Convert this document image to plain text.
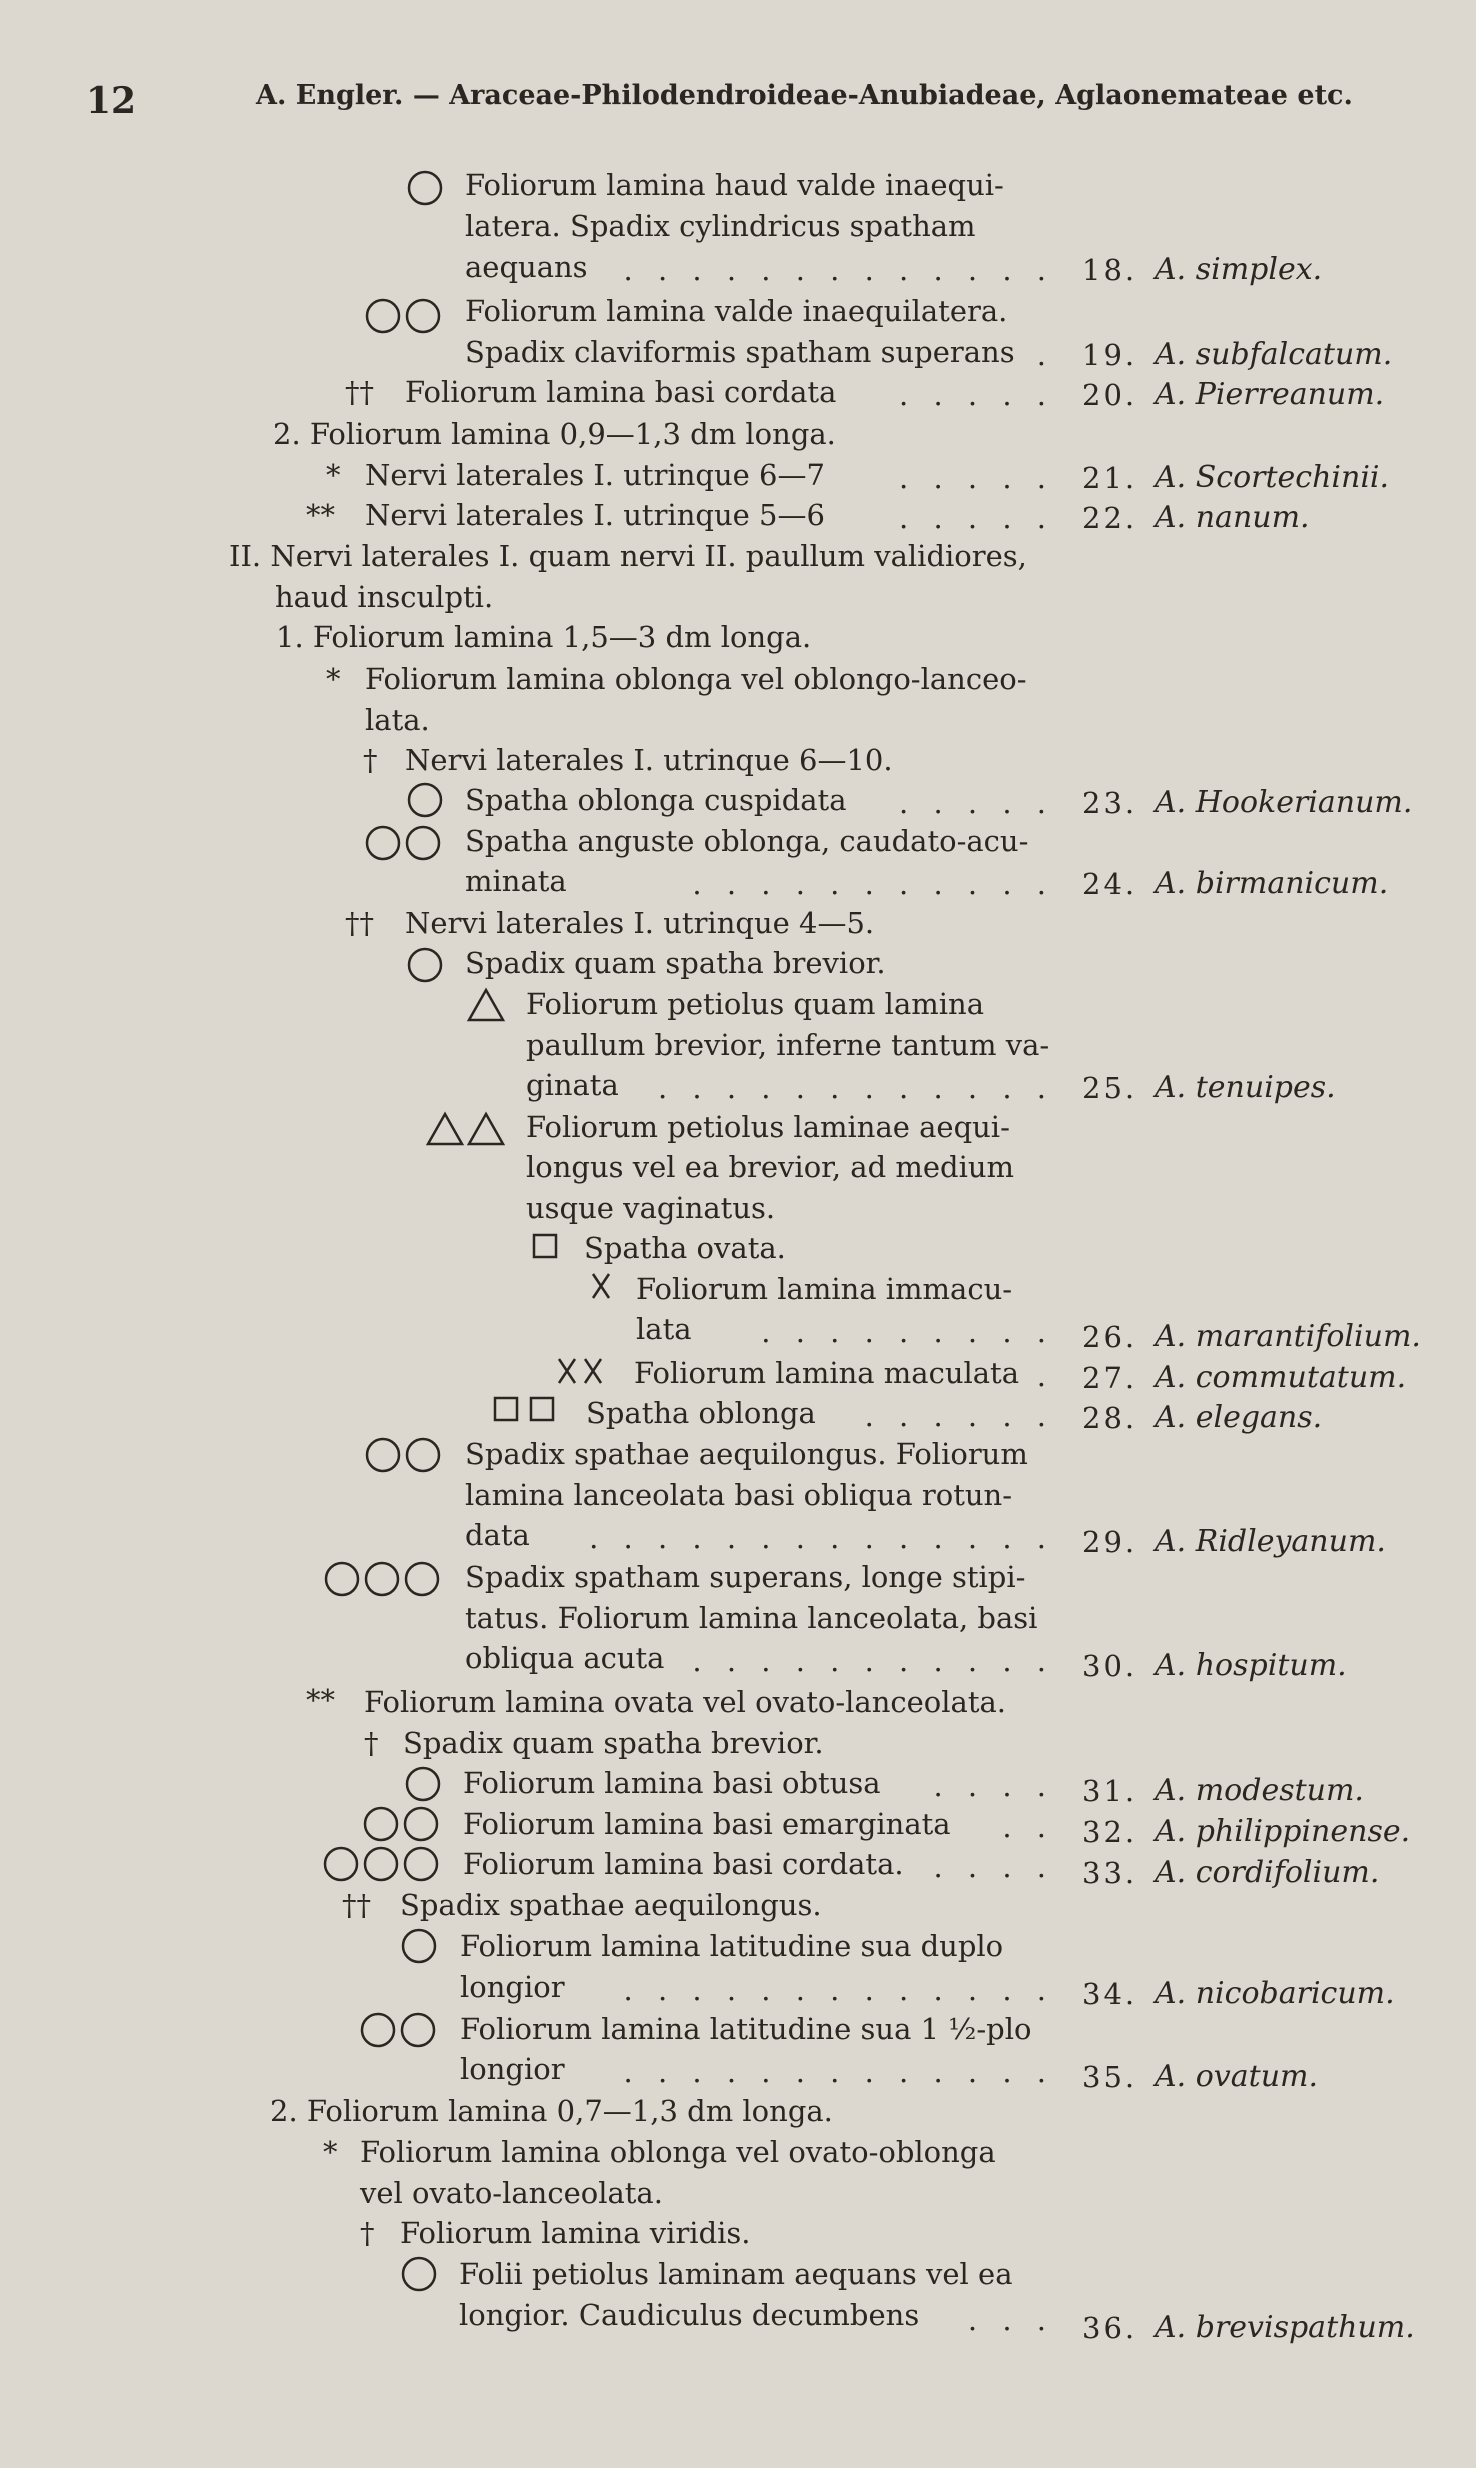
12	A. Engler. — Araceae-Philodendroideae-Anubiadeae, Aglaonemateae etc.
Foliorum lamina haud valde inaequi-
latera. Spadix cylindricus spatham
aequans . . . . . . . . . . . . . 18. A. simplex.
Foliorum lamina valde inaequilatera.
Spadix claviformis spatham superans . 19. A. subfalcatum.
†† Foliorum lamina basi cordata . . . . . 20. A. Pierreanum.
2. Foliorum lamina 0,9—1,3 dm longa.
* Nervi laterales I. utrinque 6—7	. . . . . 21. A. Scortechinii.
** Nervi laterales I. utrinque 5—6	. . . . . 22. A. nanum.
II. Nervi laterales I. quam nervi II. paullum validiores,
haud insculpti.
1. Foliorum lamina 1,5—3 dm longa.
* Foliorum lamina oblonga vel oblongo-lanceo-
lata.
† Nervi laterales I. utrinque 6—10.
Spatha oblonga cuspidata . . . . . 23. A. Hookerianum.
Spatha anguste oblonga, caudato-acu-
minata	. . . . . . . . . . . 24. A. birmanicum.
†† Nervi laterales I. utrinque 4—5.
Spadix quam spatha brevior.
Foliorum petiolus quam lamina
paullum brevior, inferne tantum va-
ginata . . . . . . . . . . . . 25. A. tenuipes.
Foliorum petiolus laminae aequi-
longus vel ea brevior, ad medium
usque vaginatus.
Spatha ovata.
Foliorum lamina immacu-
lata . . . . . . . . . 26. A. marantifolium.
Foliorum lamina maculata . 27. A. commutatum.
Spatha oblonga . . . . . . 28. A. elegans.
Spadix spathae aequilongus. Foliorum
lamina lanceolata basi obliqua rotun-
data . . . . . . . . . . . . . . 29. A. Ridleyanum.
Spadix spatham superans, longe stipi-
tatus. Foliorum lamina lanceolata, basi
obliqua acuta . . . . . . . . . . . 30. A. hospitum.
** Foliorum lamina ovata vel ovato-lanceolata.
† Spadix quam spatha brevior.
Foliorum lamina basi obtusa . . . . 31. A. modestum.
Foliorum lamina basi emarginata . . 32. A. philippinense.
Foliorum lamina basi cordata. . . . . 33. A. cordifolium.
†† Spadix spathae aequilongus.
Foliorum lamina latitudine sua duplo
longior . . . . . . . . . . . . . 34. A. nicobaricum.
Foliorum lamina latitudine sua 1 ½-plo
longior . . . . . . . . . . . . . 35. A. ovatum.
2. Foliorum lamina 0,7—1,3 dm longa.
* Foliorum lamina oblonga vel ovato-oblonga
vel ovato-lanceolata.
† Foliorum lamina viridis.
Folii petiolus laminam aequans vel ea
longior. Caudiculus decumbens . . . 36. A. brevispathum.
